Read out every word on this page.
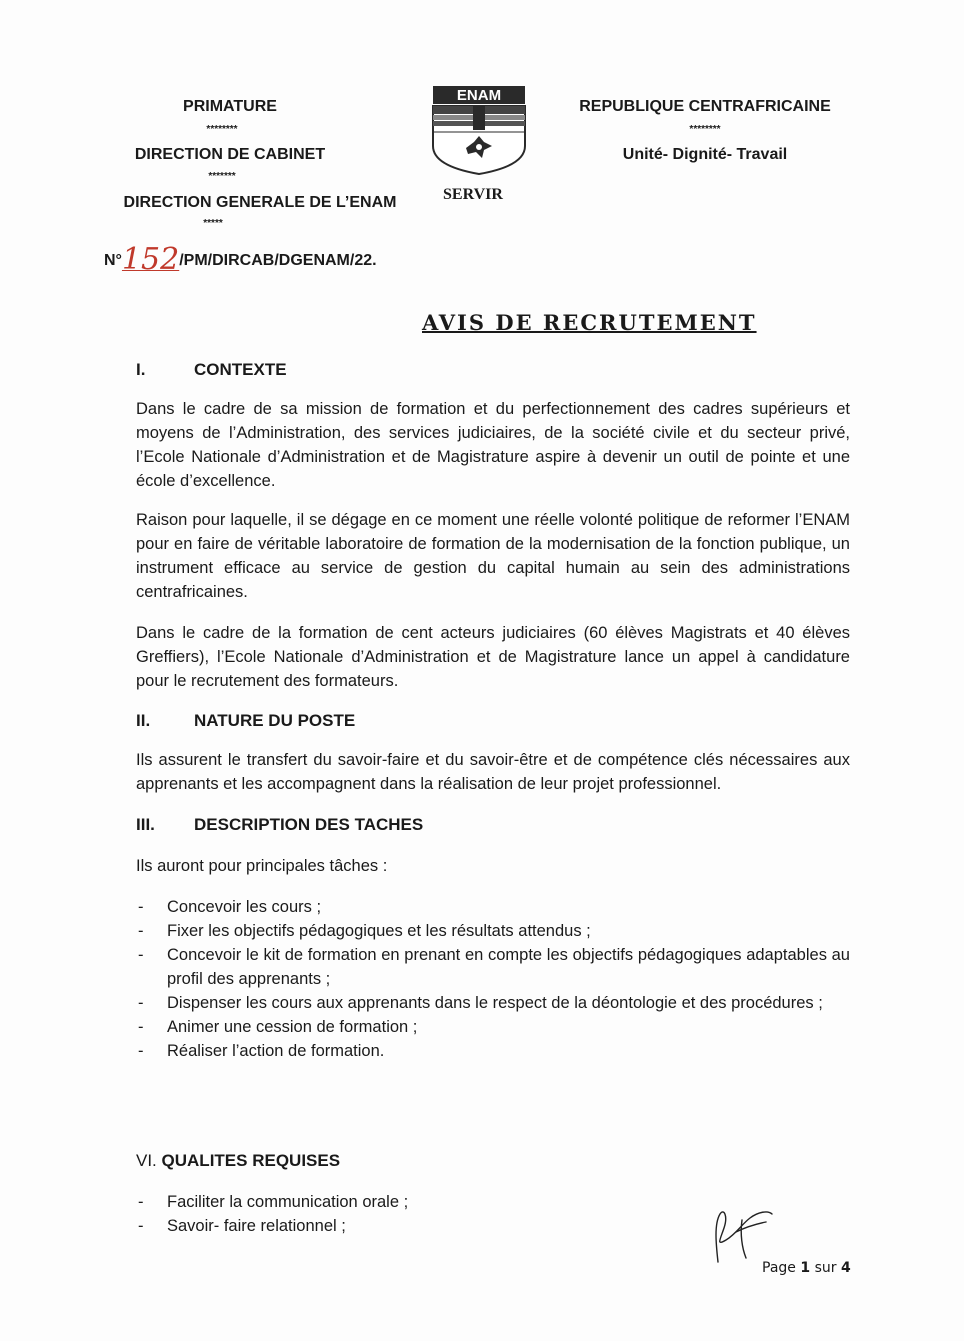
PRIMATURE
********
DIRECTION DE CABINET
*******
DIRECTION GENERALE DE L’ENAM
*****
N°152/PM/DIRCAB/DGENAM/22.
ENAM
SERVIR
REPUBLIQUE CENTRAFRICAINE
********
Unité- Dignité- Travail
AVIS DE RECRUTEMENT
I.	CONTEXTE
Dans le cadre de sa mission de formation et du perfectionnement des cadres supérieurs et moyens de l’Administration, des services judiciaires, de la société civile et du secteur privé, l’Ecole Nationale d’Administration et de Magistrature aspire à devenir un outil de pointe et une école d’excellence.
Raison pour laquelle, il se dégage en ce moment une réelle volonté politique de reformer l’ENAM pour en faire de véritable laboratoire de formation de la modernisation de la fonction publique, un instrument efficace au service de gestion du capital humain au sein des administrations centrafricaines.
Dans le cadre de la formation de cent acteurs judiciaires (60 élèves Magistrats et 40 élèves Greffiers), l’Ecole Nationale d’Administration et de Magistrature lance un appel à candidature pour le recrutement des formateurs.
II.	NATURE DU POSTE
Ils assurent le transfert du savoir-faire et du savoir-être et de compétence clés nécessaires aux apprenants et les accompagnent dans la réalisation de leur projet professionnel.
III. DESCRIPTION DES TACHES
Ils auront pour principales tâches :
- Concevoir les cours ;
- Fixer les objectifs pédagogiques et les résultats attendus ;
- Concevoir le kit de formation en prenant en compte les objectifs pédagogiques adaptables au profil des apprenants ;
- Dispenser les cours aux apprenants dans le respect de la déontologie et des procédures ;
- Animer une cession de formation ;
- Réaliser l’action de formation.
VI. QUALITES REQUISES
- Faciliter la communication orale ;
- Savoir- faire relationnel ;
Page 1 sur 4
